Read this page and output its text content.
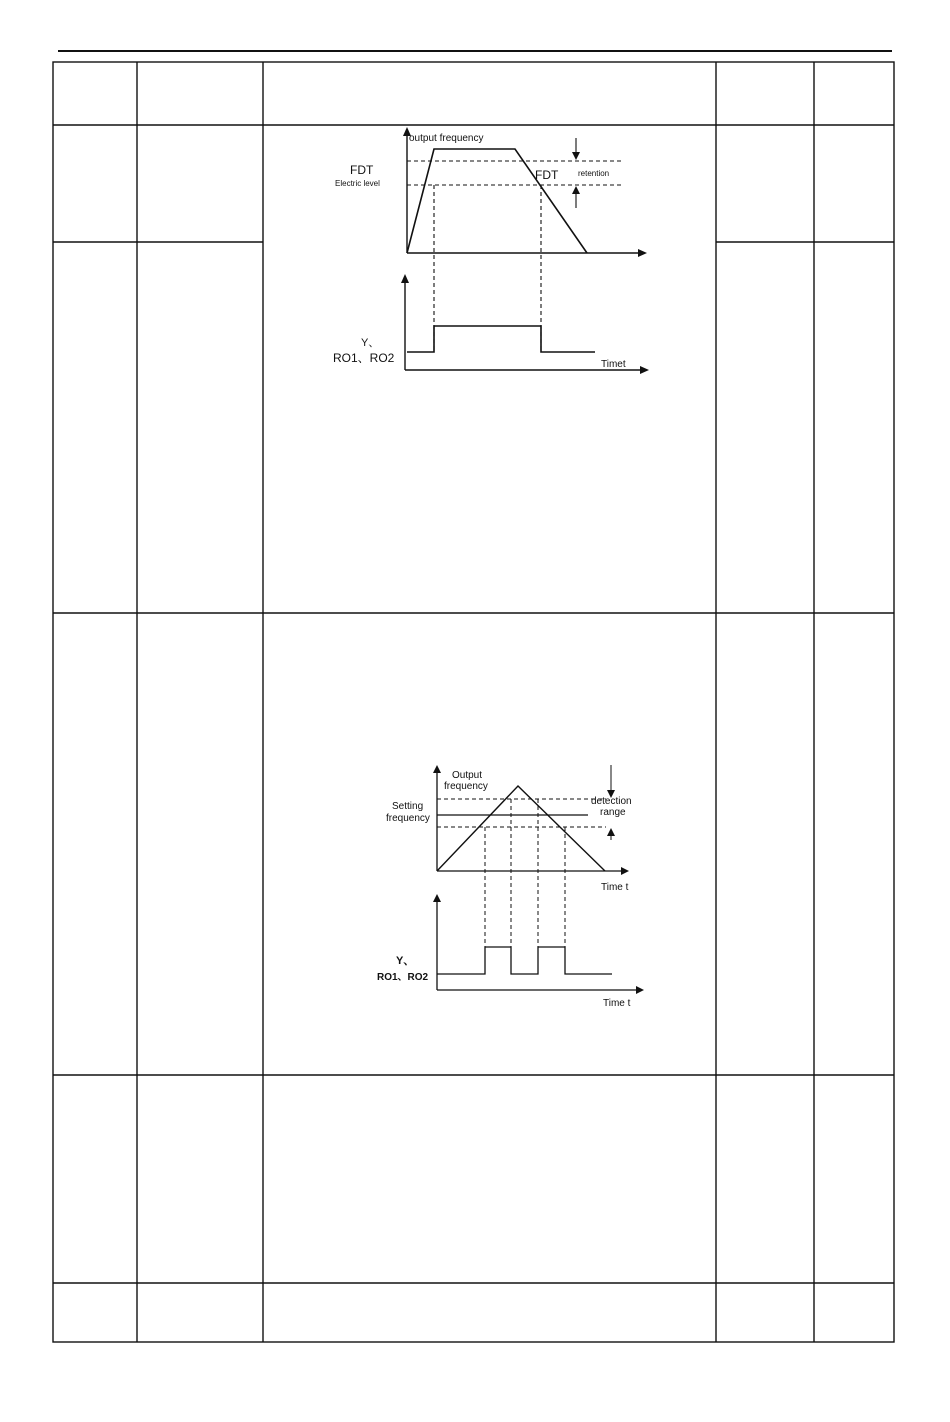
output frequency
FDT
Electric level
FDT retention
Y、
RO1、RO2	Timet
Output
frequency
Setting
frequency
detection
range
Time t
Y、
RO1、RO2
Time t
